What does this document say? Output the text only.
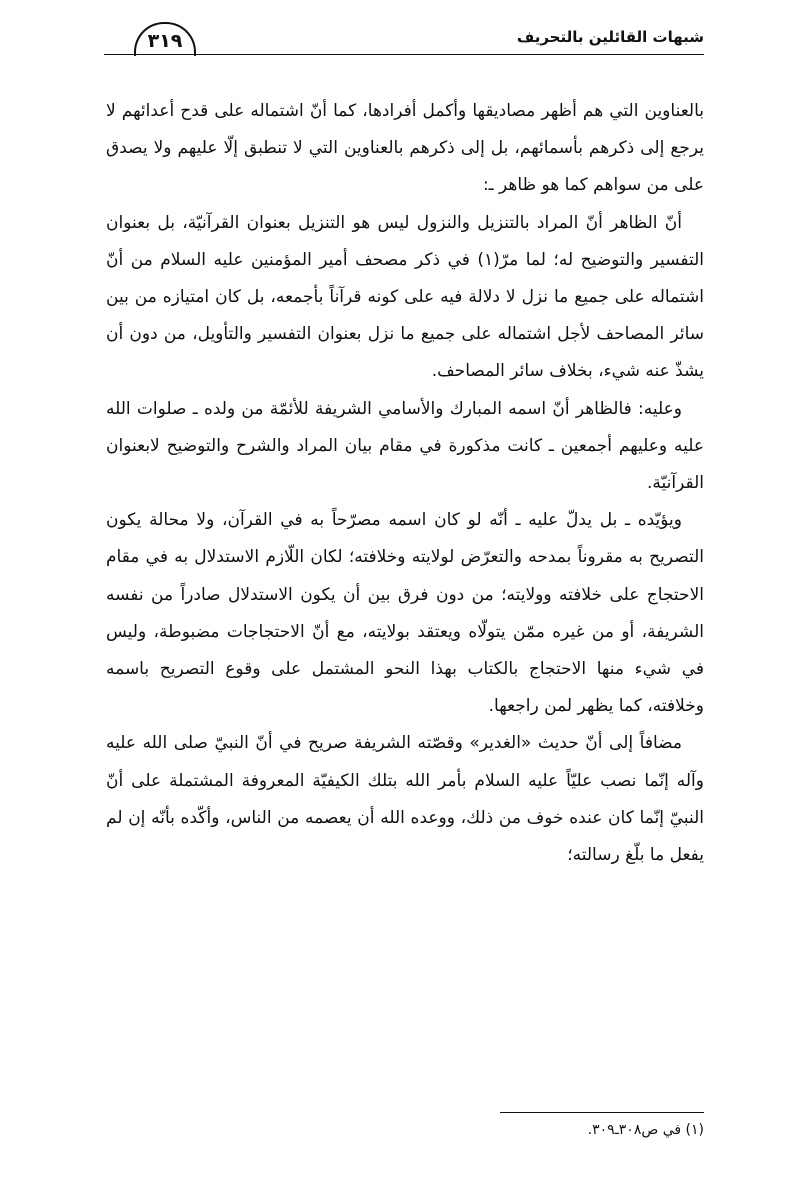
شبهات القائلين بالتحريف
٣١٩

بالعناوين التي هم أظهر مصاديقها وأكمل أفرادها، كما أنّ اشتماله على قدح أعدائهم لا يرجع إلى ذكرهم بأسمائهم، بل إلى ذكرهم بالعناوين التي لا تنطبق إلّا عليهم ولا يصدق على من سواهم كما هو ظاهر ـ:

أنّ الظاهر أنّ المراد بالتنزيل والنزول ليس هو التنزيل بعنوان القرآنيّة، بل بعنوان التفسير والتوضيح له؛ لما مرّ(١) في ذكر مصحف أمير المؤمنين عليه السلام من أنّ اشتماله على جميع ما نزل لا دلالة فيه على كونه قرآناً بأجمعه، بل كان امتيازه من بين سائر المصاحف لأجل اشتماله على جميع ما نزل بعنوان التفسير والتأويل، من دون أن يشذّ عنه شيء، بخلاف سائر المصاحف.

وعليه: فالظاهر أنّ اسمه المبارك والأسامي الشريفة للأئمّة من ولده ـ صلوات الله عليه وعليهم أجمعين ـ كانت مذكورة في مقام بيان المراد والشرح والتوضيح لابعنوان القرآنيّة.

ويؤيّده ـ بل يدلّ عليه ـ أنّه لو كان اسمه مصرّحاً به في القرآن، ولا محالة يكون التصريح به مقروناً بمدحه والتعرّض لولايته وخلافته؛ لكان اللّازم الاستدلال به في مقام الاحتجاج على خلافته وولايته؛ من دون فرق بين أن يكون الاستدلال صادراً من نفسه الشريفة، أو من غيره ممّن يتولّاه ويعتقد بولايته، مع أنّ الاحتجاجات مضبوطة، وليس في شيء منها الاحتجاج بالكتاب بهذا النحو المشتمل على وقوع التصريح باسمه وخلافته، كما يظهر لمن راجعها.

مضافاً إلى أنّ حديث «الغدير» وقصّته الشريفة صريح في أنّ النبيّ صلى الله عليه وآله إنّما نصب عليّاً عليه السلام بأمر الله بتلك الكيفيّة المعروفة المشتملة على أنّ النبيّ إنّما كان عنده خوف من ذلك، ووعده الله أن يعصمه من الناس، وأكّده بأنّه إن لم يفعل ما بلّغ رسالته؛

(١) في ص٣٠٨ـ٣٠٩.
